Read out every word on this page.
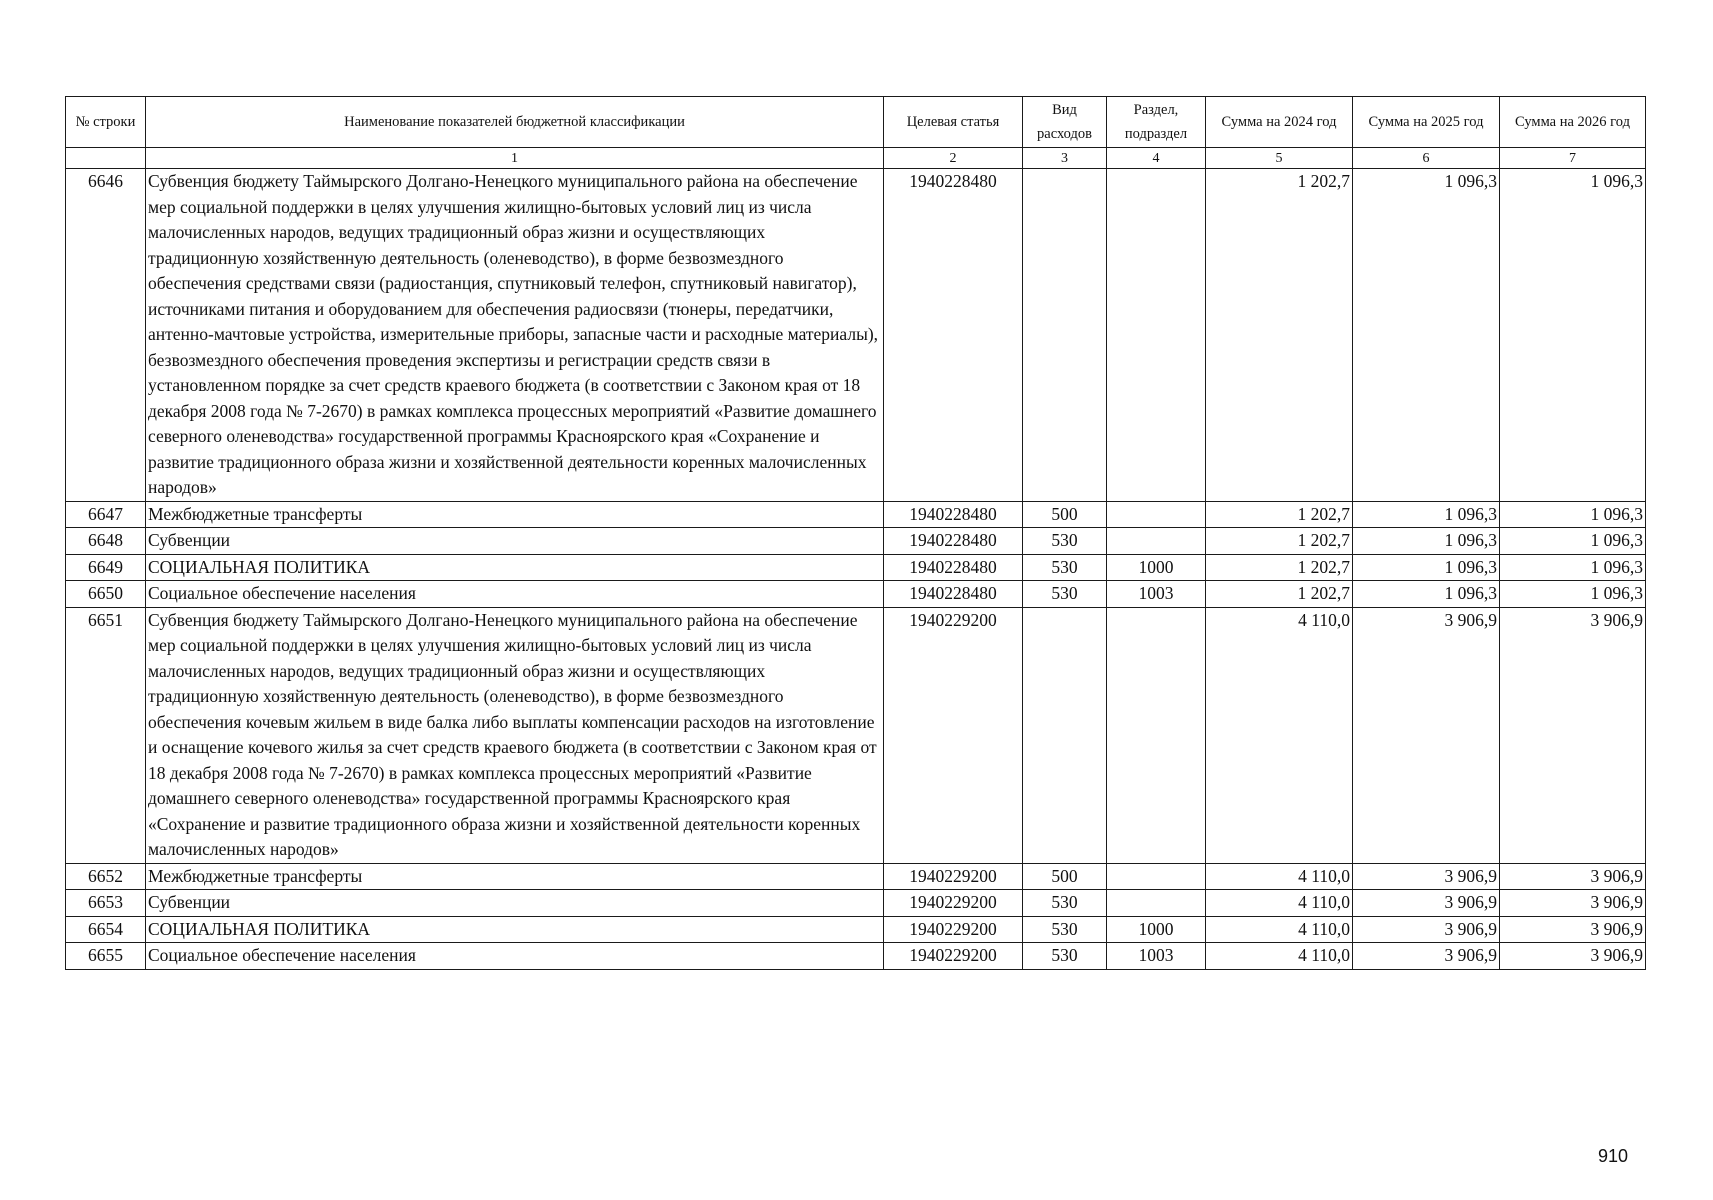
№ строки	Наименование показателей бюджетной классификации	Целевая статья	Вид расходов	Раздел, подраздел	Сумма на 2024 год	Сумма на 2025 год	Сумма на 2026 год
	1	2	3	4	5	6	7
6646	Субвенция бюджету Таймырского Долгано-Ненецкого муниципального района на обеспечение мер социальной поддержки в целях улучшения жилищно-бытовых условий лиц из числа малочисленных народов, ведущих традиционный образ жизни и осуществляющих традиционную хозяйственную деятельность (оленеводство), в форме безвозмездного обеспечения средствами связи (радиостанция, спутниковый телефон, спутниковый навигатор), источниками питания и оборудованием для обеспечения радиосвязи (тюнеры, передатчики, антенно-мачтовые устройства, измерительные приборы, запасные части и расходные материалы), безвозмездного обеспечения проведения экспертизы и регистрации средств связи в установленном порядке за счет средств краевого бюджета (в соответствии с Законом края от 18 декабря 2008 года № 7-2670) в рамках комплекса процессных мероприятий «Развитие домашнего северного оленеводства» государственной программы Красноярского края «Сохранение и развитие традиционного образа жизни и хозяйственной деятельности коренных малочисленных народов»	1940228480			1 202,7	1 096,3	1 096,3
6647	Межбюджетные трансферты	1940228480	500		1 202,7	1 096,3	1 096,3
6648	Субвенции	1940228480	530		1 202,7	1 096,3	1 096,3
6649	СОЦИАЛЬНАЯ ПОЛИТИКА	1940228480	530	1000	1 202,7	1 096,3	1 096,3
6650	Социальное обеспечение населения	1940228480	530	1003	1 202,7	1 096,3	1 096,3
6651	Субвенция бюджету Таймырского Долгано-Ненецкого муниципального района на обеспечение мер социальной поддержки в целях улучшения жилищно-бытовых условий лиц из числа малочисленных народов, ведущих традиционный образ жизни и осуществляющих традиционную хозяйственную деятельность (оленеводство), в форме безвозмездного обеспечения кочевым жильем в виде балка либо выплаты компенсации расходов на изготовление и оснащение кочевого жилья за счет средств краевого бюджета (в соответствии с Законом края от 18 декабря 2008 года № 7-2670) в рамках комплекса процессных мероприятий «Развитие домашнего северного оленеводства» государственной программы Красноярского края «Сохранение и развитие традиционного образа жизни и хозяйственной деятельности коренных малочисленных народов»	1940229200			4 110,0	3 906,9	3 906,9
6652	Межбюджетные трансферты	1940229200	500		4 110,0	3 906,9	3 906,9
6653	Субвенции	1940229200	530		4 110,0	3 906,9	3 906,9
6654	СОЦИАЛЬНАЯ ПОЛИТИКА	1940229200	530	1000	4 110,0	3 906,9	3 906,9
6655	Социальное обеспечение населения	1940229200	530	1003	4 110,0	3 906,9	3 906,9
910
